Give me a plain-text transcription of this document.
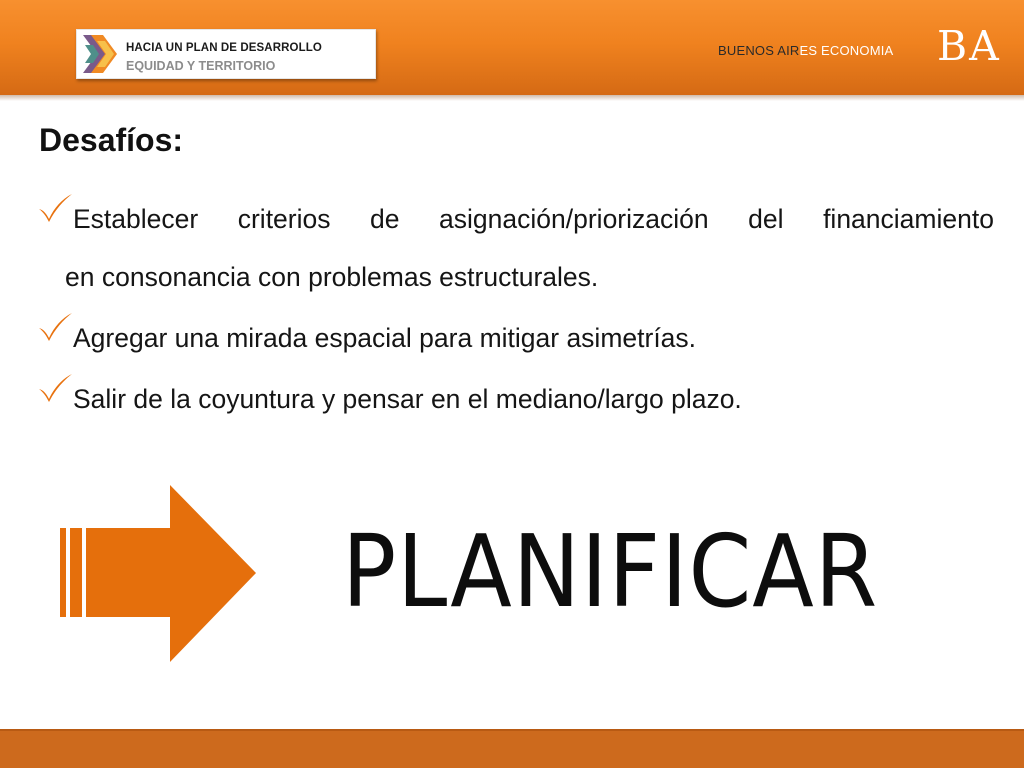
HACIA UN PLAN DE DESARROLLO
EQUIDAD Y TERRITORIO
BUENOS AIRES ECONOMIA BA
Desafíos:
Establecer criterios de asignación/priorización del financiamiento
en consonancia con problemas estructurales.
Agregar una mirada espacial para mitigar asimetrías.
Salir de la coyuntura y pensar en el mediano/largo plazo.
PLANIFICAR
